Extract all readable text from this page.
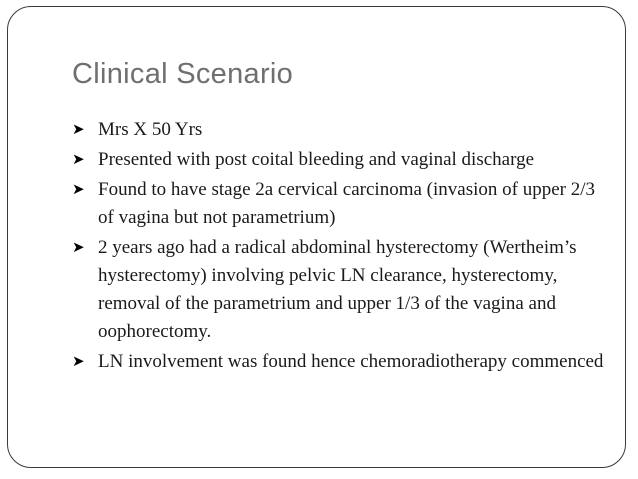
Clinical Scenario
➤ Mrs X 50 Yrs
➤ Presented with post coital bleeding and vaginal discharge
➤ Found to have stage 2a cervical carcinoma (invasion of upper 2/3 of vagina but not parametrium)
➤ 2 years ago had a radical abdominal hysterectomy (Wertheim’s hysterectomy) involving pelvic LN clearance, hysterectomy, removal of the parametrium and upper 1/3 of the vagina and oophorectomy.
➤ LN involvement was found hence chemoradiotherapy commenced
